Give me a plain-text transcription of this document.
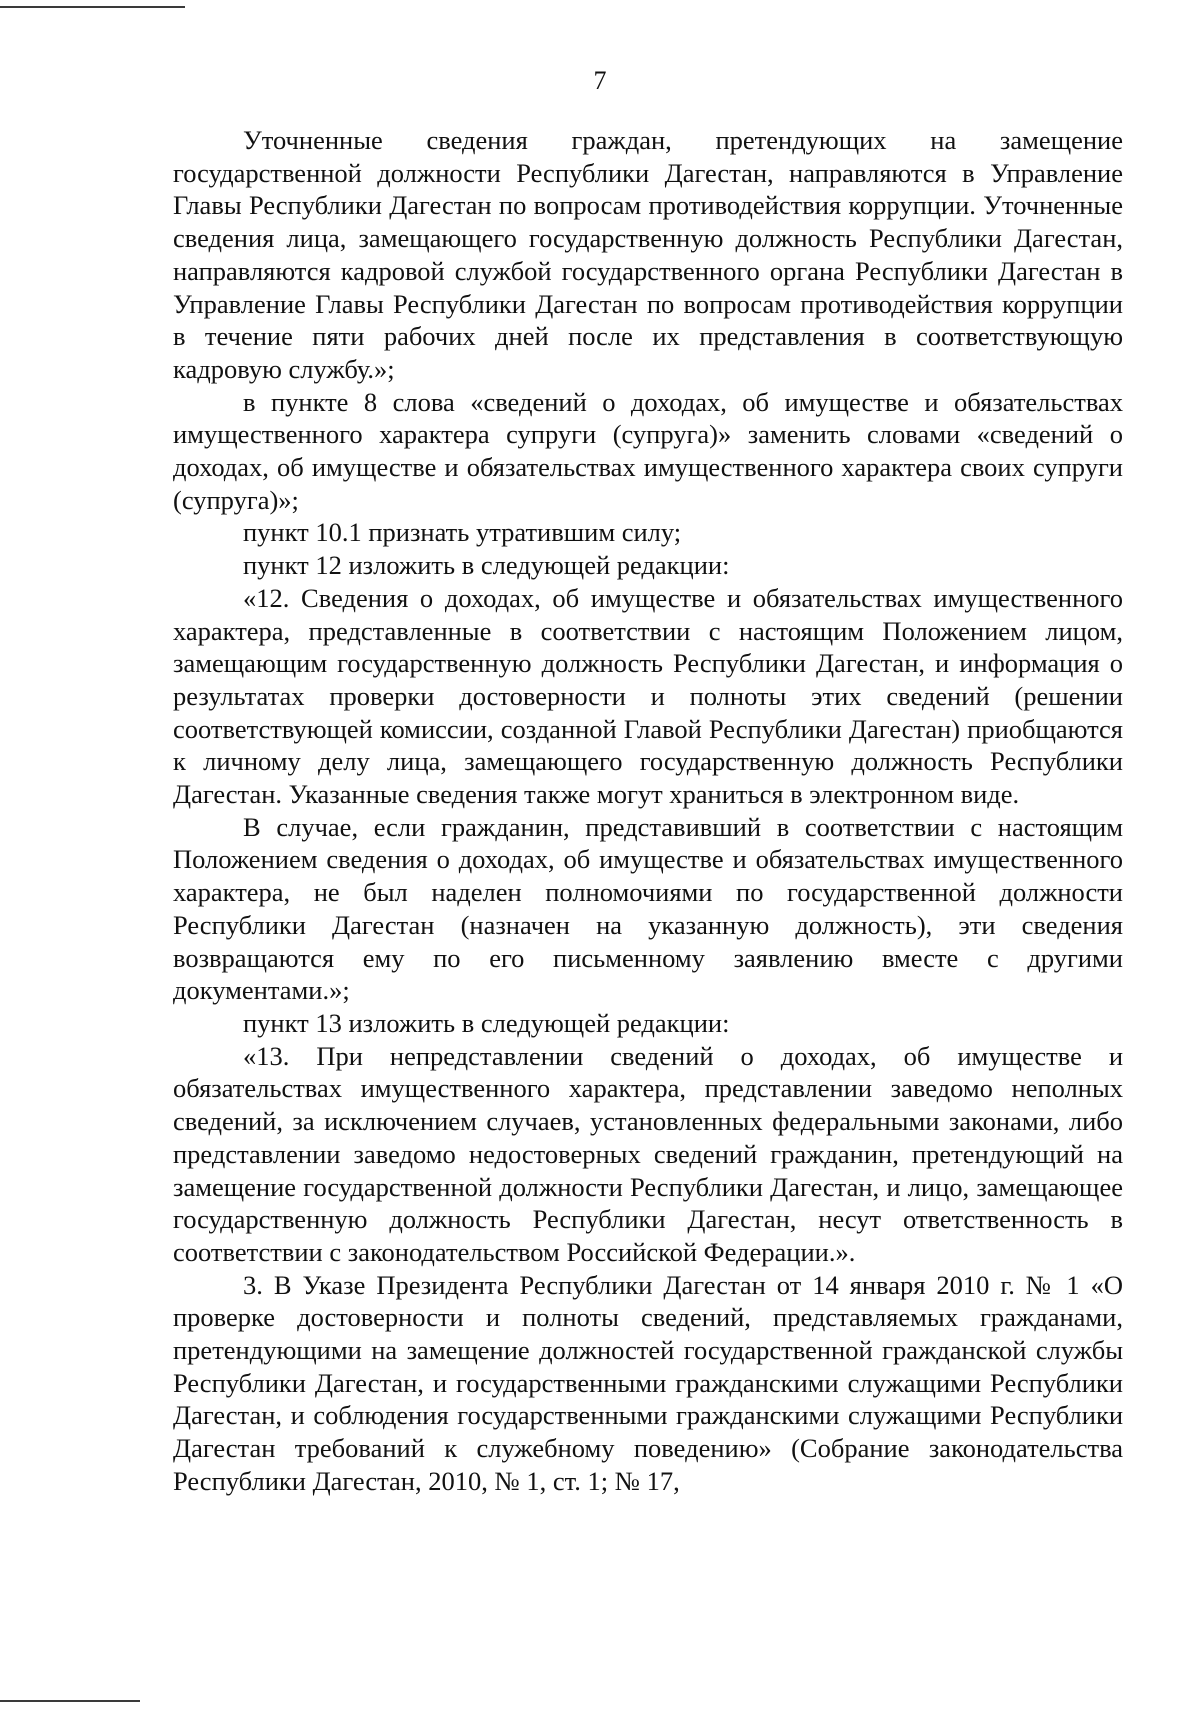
7

Уточненные сведения граждан, претендующих на замещение государственной должности Республики Дагестан, направляются в Управление Главы Республики Дагестан по вопросам противодействия коррупции. Уточненные сведения лица, замещающего государственную должность Республики Дагестан, направляются кадровой службой государственного органа Республики Дагестан в Управление Главы Республики Дагестан по вопросам противодействия коррупции в течение пяти рабочих дней после их представления в соответствующую кадровую службу.»;

в пункте 8 слова «сведений о доходах, об имуществе и обязательствах имущественного характера супруги (супруга)» заменить словами «сведений о доходах, об имуществе и обязательствах имущественного характера своих супруги (супруга)»;

пункт 10.1 признать утратившим силу;

пункт 12 изложить в следующей редакции:

«12. Сведения о доходах, об имуществе и обязательствах имущественного характера, представленные в соответствии с настоящим Положением лицом, замещающим государственную должность Республики Дагестан, и информация о результатах проверки достоверности и полноты этих сведений (решении соответствующей комиссии, созданной Главой Республики Дагестан) приобщаются к личному делу лица, замещающего государственную должность Республики Дагестан. Указанные сведения также могут храниться в электронном виде.

В случае, если гражданин, представивший в соответствии с настоящим Положением сведения о доходах, об имуществе и обязательствах имущественного характера, не был наделен полномочиями по государственной должности Республики Дагестан (назначен на указанную должность), эти сведения возвращаются ему по его письменному заявлению вместе с другими документами.»;

пункт 13 изложить в следующей редакции:

«13. При непредставлении сведений о доходах, об имуществе и обязательствах имущественного характера, представлении заведомо неполных сведений, за исключением случаев, установленных федеральными законами, либо представлении заведомо недостоверных сведений гражданин, претендующий на замещение государственной должности Республики Дагестан, и лицо, замещающее государственную должность Республики Дагестан, несут ответственность в соответствии с законодательством Российской Федерации.».

3. В Указе Президента Республики Дагестан от 14 января 2010 г. № 1 «О проверке достоверности и полноты сведений, представляемых гражданами, претендующими на замещение должностей государственной гражданской службы Республики Дагестан, и государственными гражданскими служащими Республики Дагестан, и соблюдения государственными гражданскими служащими Республики Дагестан требований к служебному поведению» (Собрание законодательства Республики Дагестан, 2010, № 1, ст. 1; № 17,
